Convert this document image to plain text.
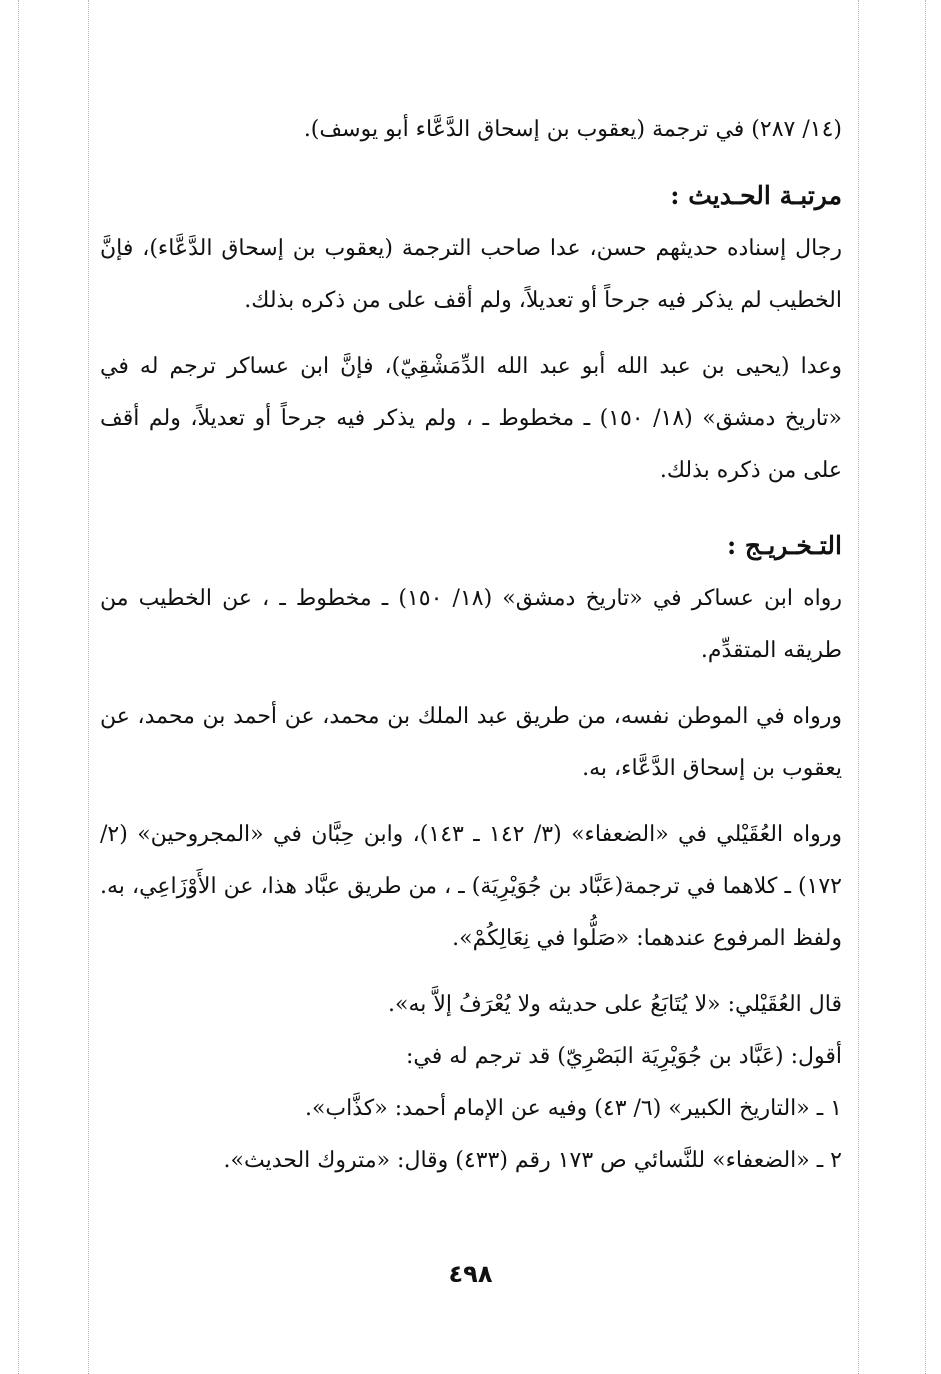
(١٤/ ٢٨٧) في ترجمة (يعقوب بن إسحاق الدَّعَّاء أبو يوسف).
مرتبـة الحـديث :
رجال إسناده حديثهم حسن، عدا صاحب الترجمة (يعقوب بن إسحاق الدَّعَّاء)، فإنَّ الخطيب لم يذكر فيه جرحاً أو تعديلاً، ولم أقف على من ذكره بذلك.
وعدا (يحيى بن عبد الله أبو عبد الله الدِّمَشْقِيّ)، فإنَّ ابن عساكر ترجم له في «تاريخ دمشق» (١٨/ ١٥٠) ـ مخطوط ـ ، ولم يذكر فيه جرحاً أو تعديلاً، ولم أقف على من ذكره بذلك.
التـخـريـج :
رواه ابن عساكر في «تاريخ دمشق» (١٨/ ١٥٠) ـ مخطوط ـ ، عن الخطيب من طريقه المتقدِّم.
ورواه في الموطن نفسه، من طريق عبد الملك بن محمد، عن أحمد بن محمد، عن يعقوب بن إسحاق الدَّعَّاء، به.
ورواه العُقَيْلي في «الضعفاء» (٣/ ١٤٢ ـ ١٤٣)، وابن حِبَّان في «المجروحين» (٢/ ١٧٢) ـ كلاهما في ترجمة(عَبَّاد بن جُوَيْرِيَة) ـ ، من طريق عبَّاد هذا، عن الأَوْزَاعِي، به. ولفظ المرفوع عندهما: «صَلُّوا في نِعَالِكُمْ».
قال العُقَيْلي: «لا يُتَابَعُ على حديثه ولا يُعْرَفُ إلاَّ به».
أقول: (عَبَّاد بن جُوَيْرِيَة البَصْرِيّ) قد ترجم له في:
١ ـ «التاريخ الكبير» (٦/ ٤٣) وفيه عن الإمام أحمد: «كذَّاب».
٢ ـ «الضعفاء» للنَّسائي ص ١٧٣ رقم (٤٣٣) وقال: «متروك الحديث».
٤٩٨
